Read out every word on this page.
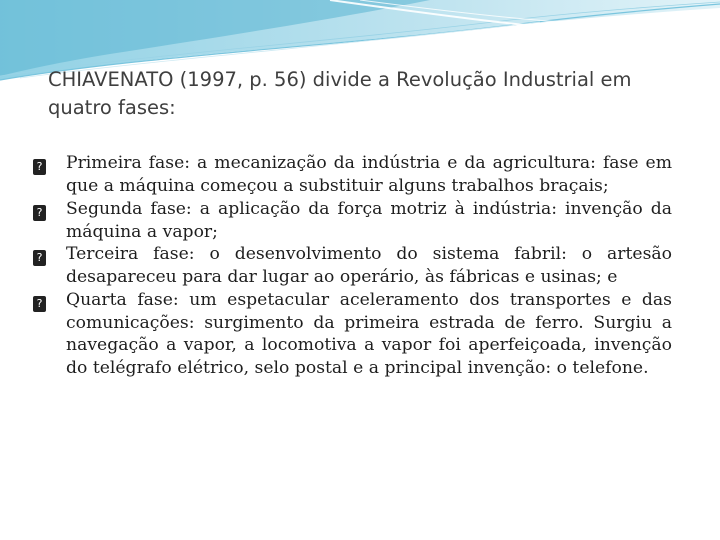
CHIAVENATO (1997, p. 56) divide a Revolução Industrial em quatro fases:

? Primeira fase: a mecanização da indústria e da agricultura: fase em que a máquina começou a substituir alguns trabalhos braçais;

? Segunda fase: a aplicação da força motriz à indústria: invenção da máquina a vapor;

? Terceira fase: o desenvolvimento do sistema fabril: o artesão desapareceu para dar lugar ao operário, às fábricas e usinas; e

? Quarta fase: um espetacular aceleramento dos transportes e das comunicações: surgimento da primeira estrada de ferro. Surgiu a navegação a vapor, a locomotiva a vapor foi aperfeiçoada, invenção do telégrafo elétrico, selo postal e a principal invenção: o telefone.
